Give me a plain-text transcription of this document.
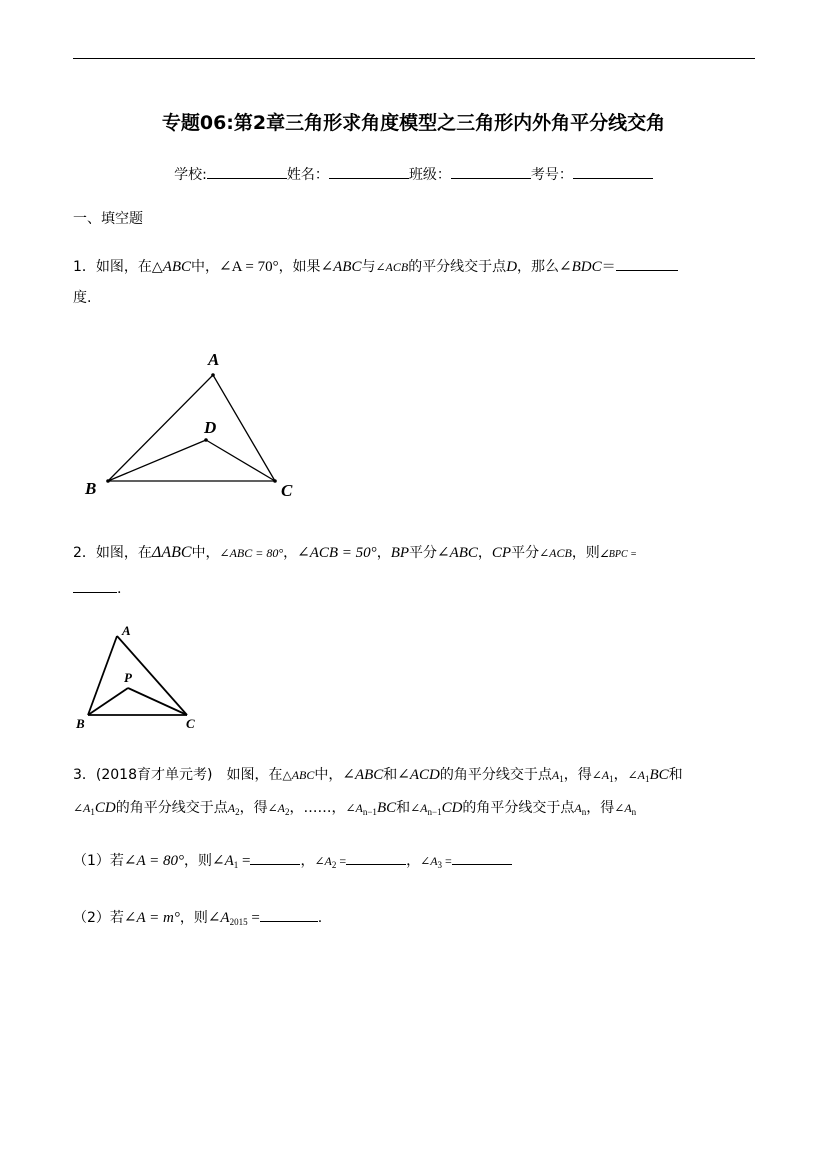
专题06:第2章三角形求角度模型之三角形内外角平分线交角
学校:	姓名：	班级：	考号：
一、填空题
1．如图，在△ABC中，∠A = 70°，如果∠ABC与∠ACB的平分线交于点D，那么∠BDC＝
度.
A
D
B	C
2．如图，在ΔABC中，∠ABC = 80°，∠ACB = 50°，BP平分∠ABC，CP平分∠ACB，则∠BPC =
.
A
P
B	C
3．(2018育才单元考)　如图，在△ABC中，∠ABC和∠ACD的角平分线交于点$A_1$，得$\angle A_1$，$\angle A_1BC$和
$\angle A_1CD$的角平分线交于点$A_2$，得$\angle A_2$，……，$\angle A_{n-1}BC$和$\angle A_{n-1}CD$的角平分线交于点$A_n$，得$\angle A_n$
（1）若∠A = 80°，则$\angle A_1$ =	，$\angle A_2$ =	，$\angle A_3$ =
（2）若∠A = m°，则$\angle A_{2015}$ =	.
